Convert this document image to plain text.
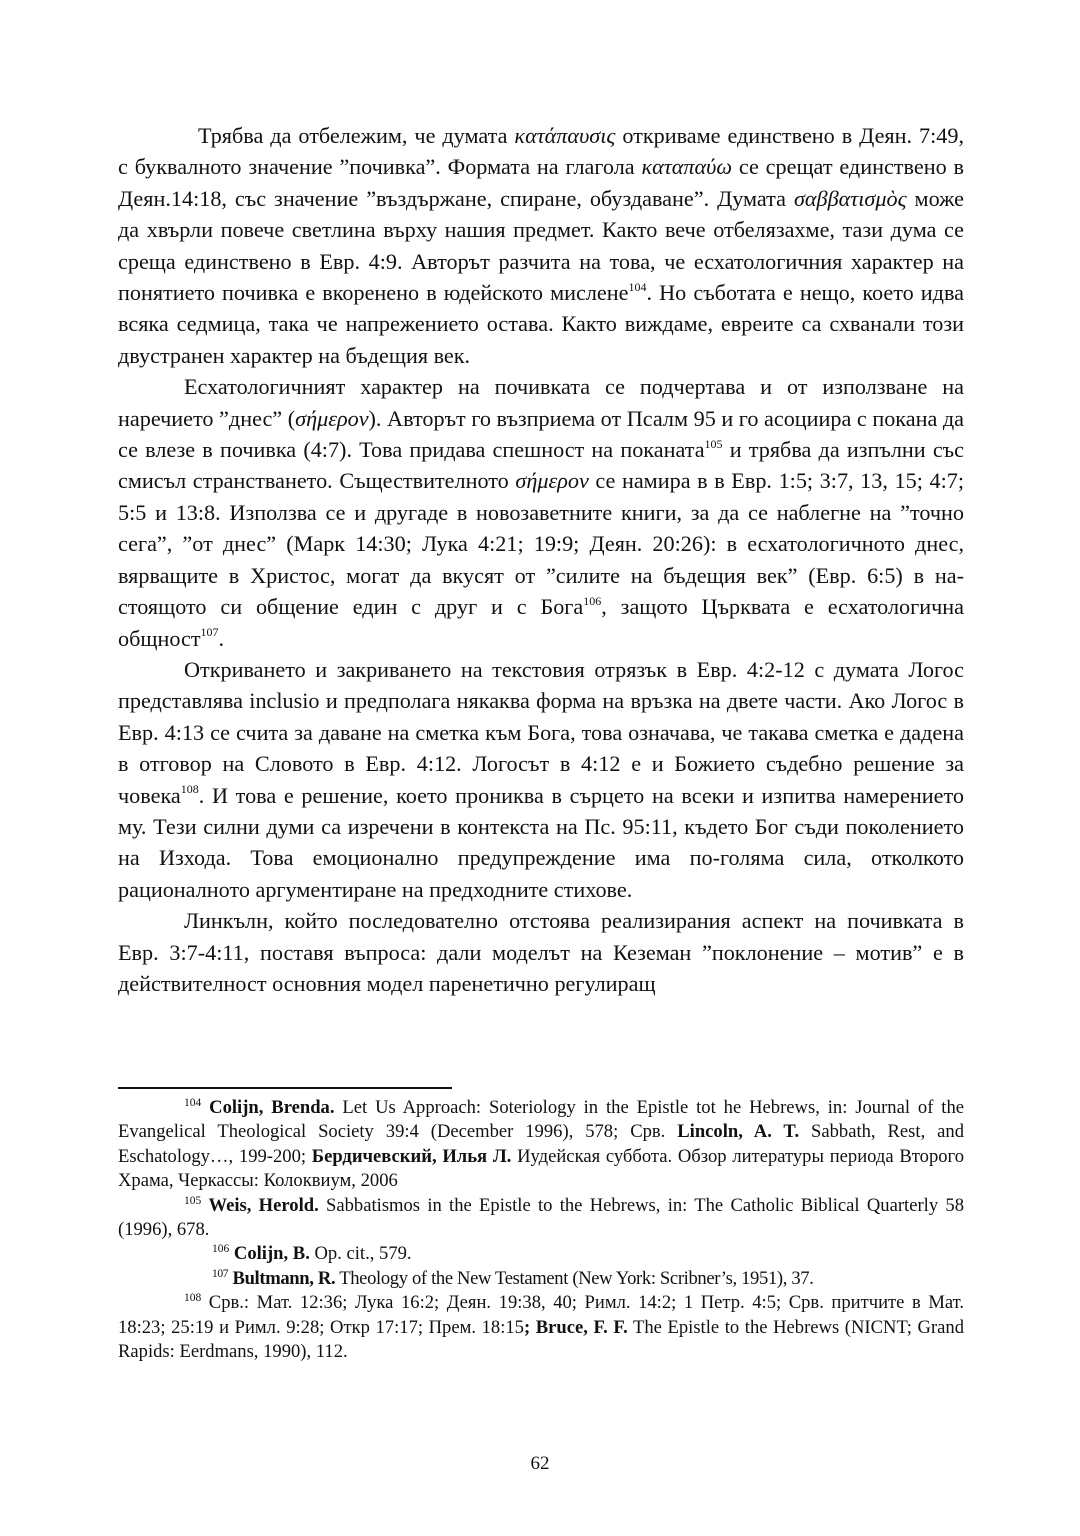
Трябва да отбележим, че думата κατάπαυσις откриваме единствено в Деян. 7:49, с буквалното значение ”почивка”. Формата на глагола καταπαύω се срещат единствено в Деян.14:18, със значение ”въздържане, спиране, обуздаване”. Думата σαββατισμὸς може да хвърли повече светлина върху нашия предмет. Както вече отбелязахме, тази дума се среща единствено в Евр. 4:9. Авторът разчита на това, че есхатологичния характер на понятието почивка е вкоренено в юдейското мислене$^{104}$. Но съботата е нещо, което идва всяка седмица, така че напрежението остава. Както виждаме, евреите са схванали този двустранен характер на бъдещия век.

Есхатологичният характер на почивката се подчертава и от използване на наречието ”днес” (σήμερον). Авторът го възприема от Псалм 95 и го асоциира с покана да се влезе в почивка (4:7). Това придава спешност на поканата$^{105}$ и трябва да изпълни със смисъл странстването. Съществителното σήμερον се намира в в Евр. 1:5; 3:7, 13, 15; 4:7; 5:5 и 13:8. Използва се и другаде в новозаветните книги, за да се наблегне на ”точно сега”, ”от днес” (Марк 14:30; Лука 4:21; 19:9; Деян. 20:26): в есхатологичното днес, вярващите в Христос, могат да вкусят от ”силите на бъдещия век” (Евр. 6:5) в настоящото си общение един с друг и с Бога$^{106}$, защото Църквата е есхатологична общност$^{107}$.

Откриването и закриването на текстовия отрязък в Евр. 4:2-12 с думата Логос представлява inclusio и предполага някаква форма на връзка на двете части. Ако Логос в Евр. 4:13 се счита за даване на сметка към Бога, това означава, че такава сметка е дадена в отговор на Словото в Евр. 4:12. Логосът в 4:12 е и Божието съдебно решение за човека$^{108}$. И това е решение, което прониква в сърцето на всеки и изпитва намерението му. Тези силни думи са изречени в контекста на Пс. 95:11, където Бог съди поколението на Изхода. Това емоционално предупреждение има по-голяма сила, отколкото рационалното аргументиране на предходните стихове.

Линкълн, който последователно отстоява реализирания аспект на почивката в Евр. 3:7-4:11, поставя въпроса: дали моделът на Кеземан ”поклонение – мотив” е в действителност основния модел паренетично регулиращ

$^{104}$ Colijn, Brenda. Let Us Approach: Soteriology in the Epistle tot he Hebrews, in: Journal of the Evangelical Theological Society 39:4 (December 1996), 578; Срв. Lincoln, A. T. Sabbath, Rest, and Eschatology…, 199-200; Бердичевский, Илья Л. Иудейская суббота. Обзор литературы периода Второго Храма, Черкассы: Колоквиум, 2006

$^{105}$ Weis, Herold. Sabbatismos in the Epistle to the Hebrews, in: The Catholic Biblical Quarterly 58 (1996), 678.

$^{106}$ Colijn, B. Op. cit., 579.

$^{107}$ Bultmann, R. Theology of the New Testament (New York: Scribner’s, 1951), 37.

$^{108}$ Срв.: Мат. 12:36; Лука 16:2; Деян. 19:38, 40; Римл. 14:2; 1 Петр. 4:5; Срв. притчите в Мат. 18:23; 25:19 и Римл. 9:28; Откр 17:17; Прем. 18:15; Bruce, F. F. The Epistle to the Hebrews (NICNT; Grand Rapids: Eerdmans, 1990), 112.

62
